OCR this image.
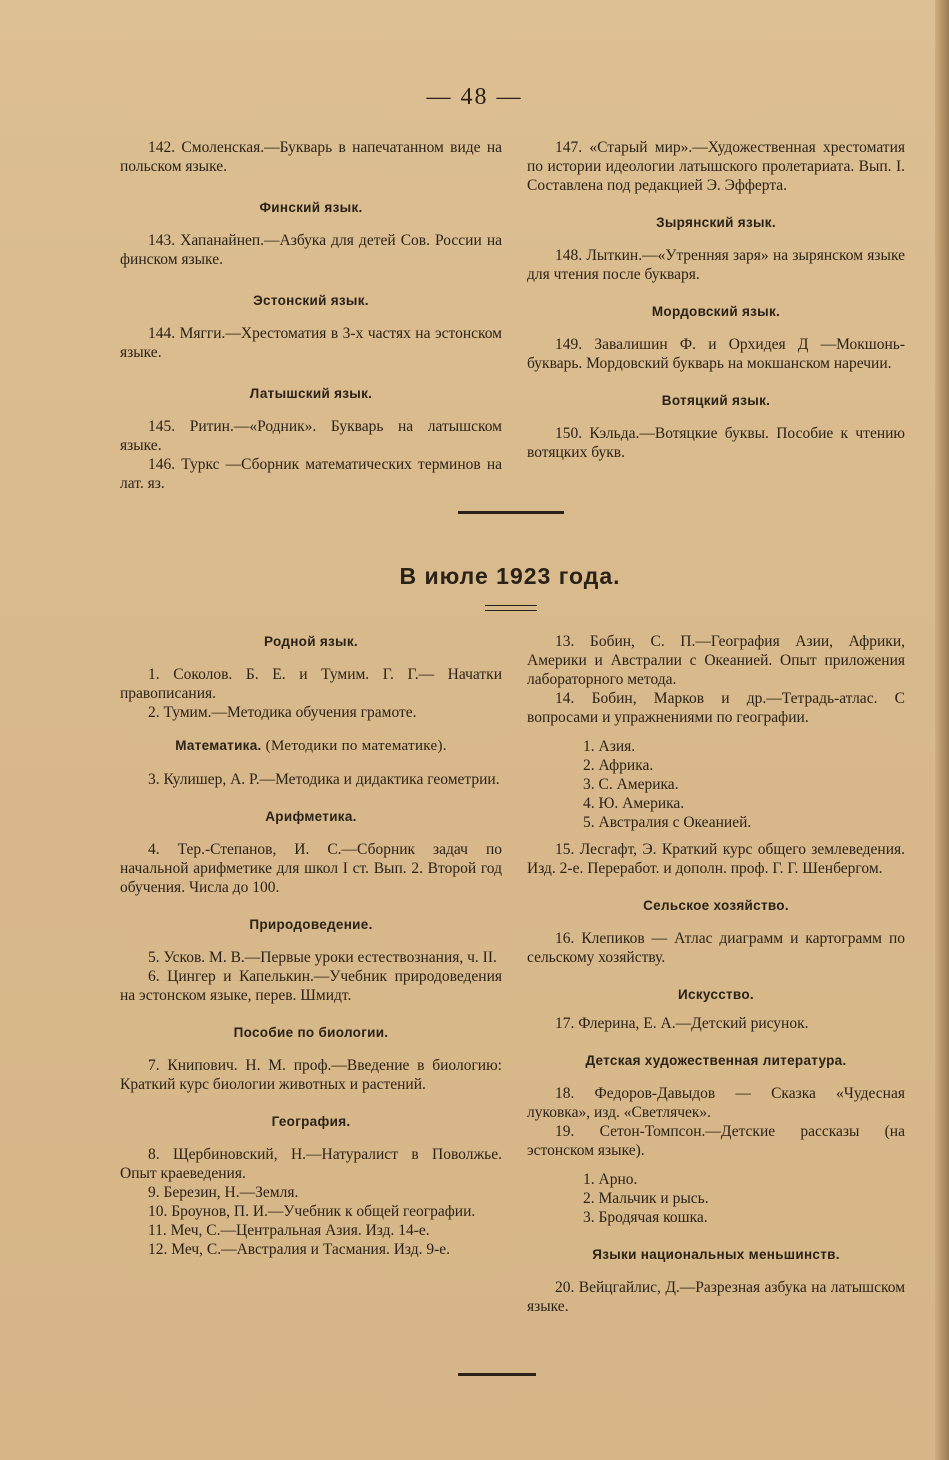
— 48 —

142. Смоленская.—Букварь в напечатанном виде на польском языке.

Финский язык.

143. Хапанайнеп.—Азбука для детей Сов. России на финском языке.

Эстонский язык.

144. Мягги.—Хрестоматия в 3-х частях на эстонском языке.

Латышский язык.

145. Ритин.—«Родник». Букварь на латышском языке.

146. Туркс —Сборник математических терминов на лат. яз.

147. «Старый мир».—Художественная хрестоматия по истории идеологии латышского пролетариата. Вып. I. Составлена под редакцией Э. Эфферта.

Зырянский язык.

148. Лыткин.—«Утренняя заря» на зырянском языке для чтения после букваря.

Мордовский язык.

149. Завалишин Ф. и Орхидея Д —Мокшонь-букварь. Мордовский букварь на мокшанском наречии.

Вотяцкий язык.

150. Кэльда.—Вотяцкие буквы. Пособие к чтению вотяцких букв.

В июле 1923 года.
Родной язык.

1. Соколов. Б. Е. и Тумим. Г. Г.— Начатки правописания.

2. Тумим.—Методика обучения грамоте.

Математика. (Методики по математике).

3. Кулишер, А. Р.—Методика и дидактика геометрии.

Арифметика.

4. Тер.-Степанов, И. С.—Сборник задач по начальной арифметике для школ I ст. Вып. 2. Второй год обучения. Числа до 100.

Природоведение.

5. Усков. М. В.—Первые уроки естествознания, ч. II.

6. Цингер и Капелькин.—Учебник природоведения на эстонском языке, перев. Шмидт.

Пособие по биологии.

7. Книпович. Н. М. проф.—Введение в биологию: Краткий курс биологии животных и растений.

География.

8. Щербиновский, Н.—Натуралист в Поволжье. Опыт краеведения.

9. Березин, Н.—Земля.

10. Броунов, П. И.—Учебник к общей географии.

11. Меч, С.—Центральная Азия. Изд. 14-е.

12. Меч, С.—Австралия и Тасмания. Изд. 9-е.

13. Бобин, С. П.—География Азии, Африки, Америки и Австралии с Океанией. Опыт приложения лабораторного метода.

14. Бобин, Марков и др.—Тетрадь-атлас. С вопросами и упражнениями по географии.

1. Азия.
2. Африка.
3. С. Америка.
4. Ю. Америка.
5. Австралия с Океанией.

15. Лесгафт, Э. Краткий курс общего землеведения. Изд. 2-е. Переработ. и дополн. проф. Г. Г. Шенбергом.

Сельское хозяйство.

16. Клепиков — Атлас диаграмм и картограмм по сельскому хозяйству.

Искусство.

17. Флерина, Е. А.—Детский рисунок.

Детская художественная литература.

18. Федоров-Давыдов — Сказка «Чудесная луковка», изд. «Светлячек».

19. Сетон-Томпсон.—Детские рассказы (на эстонском языке).

1. Арно.
2. Мальчик и рысь.
3. Бродячая кошка.
Языки национальных меньшинств.

20. Вейцгайлис, Д.—Разрезная азбука на латышском языке.
